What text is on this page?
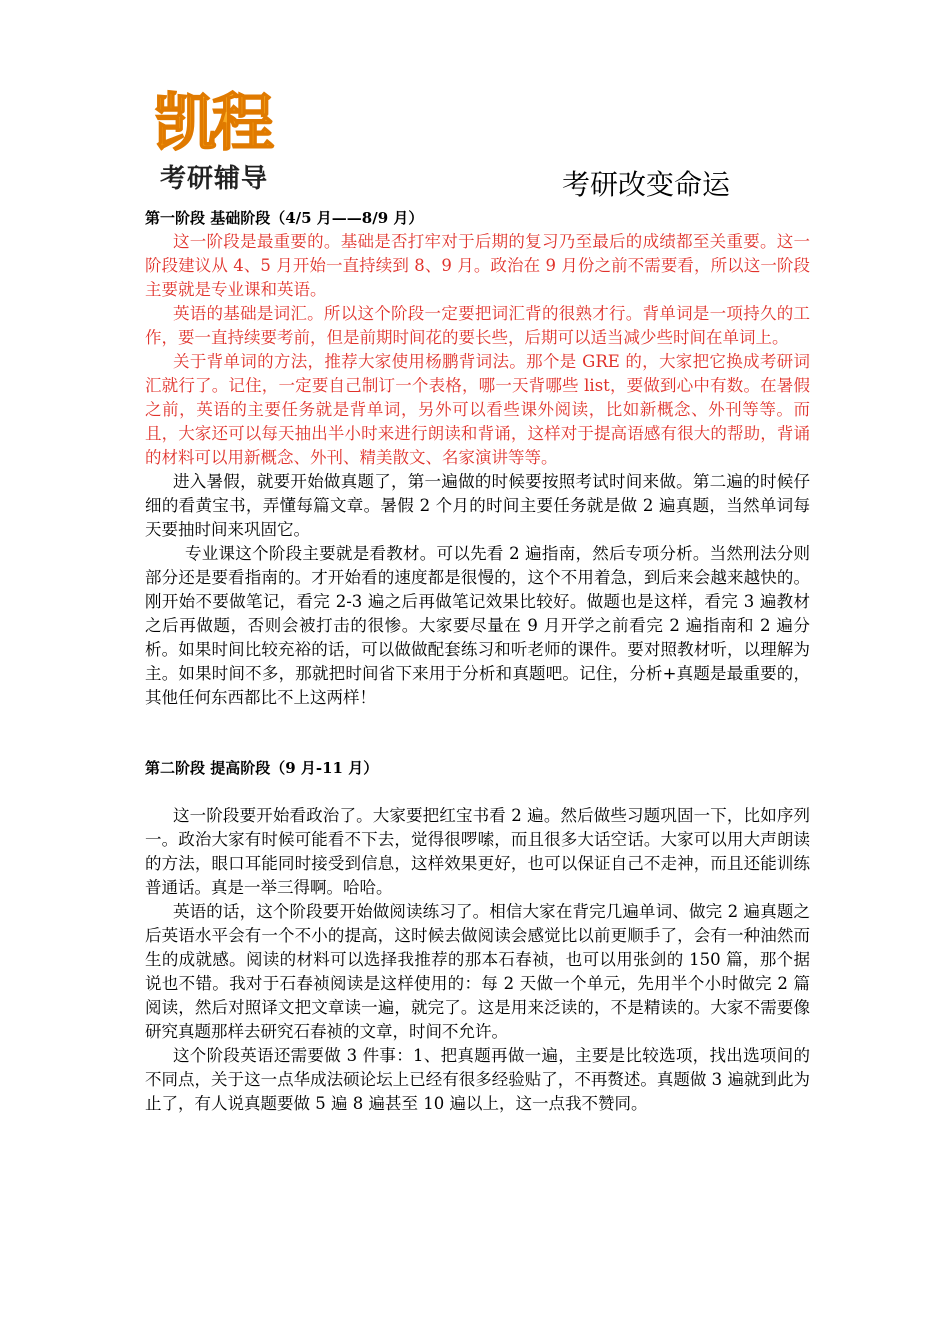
凯程
考研辅导	考研改变命运

第一阶段 基础阶段（4/5 月——8/9 月）

这一阶段是最重要的。基础是否打牢对于后期的复习乃至最后的成绩都至关重要。这一阶段建议从 4、5 月开始一直持续到 8、9 月。政治在 9 月份之前不需要看，所以这一阶段主要就是专业课和英语。

英语的基础是词汇。所以这个阶段一定要把词汇背的很熟才行。背单词是一项持久的工作，要一直持续要考前，但是前期时间花的要长些，后期可以适当减少些时间在单词上。

关于背单词的方法，推荐大家使用杨鹏背词法。那个是 GRE 的，大家把它换成考研词汇就行了。记住，一定要自己制订一个表格，哪一天背哪些 list，要做到心中有数。在暑假之前，英语的主要任务就是背单词，另外可以看些课外阅读，比如新概念、外刊等等。而且，大家还可以每天抽出半小时来进行朗读和背诵，这样对于提高语感有很大的帮助，背诵的材料可以用新概念、外刊、精美散文、名家演讲等等。

进入暑假，就要开始做真题了，第一遍做的时候要按照考试时间来做。第二遍的时候仔细的看黄宝书，弄懂每篇文章。暑假 2 个月的时间主要任务就是做 2 遍真题，当然单词每天要抽时间来巩固它。

专业课这个阶段主要就是看教材。可以先看 2 遍指南，然后专项分析。当然刑法分则部分还是要看指南的。才开始看的速度都是很慢的，这个不用着急，到后来会越来越快的。刚开始不要做笔记，看完 2-3 遍之后再做笔记效果比较好。做题也是这样，看完 3 遍教材之后再做题，否则会被打击的很惨。大家要尽量在 9 月开学之前看完 2 遍指南和 2 遍分析。如果时间比较充裕的话，可以做做配套练习和听老师的课件。要对照教材听，以理解为主。如果时间不多，那就把时间省下来用于分析和真题吧。记住，分析+真题是最重要的，其他任何东西都比不上这两样！

第二阶段 提高阶段（9 月-11 月）

这一阶段要开始看政治了。大家要把红宝书看 2 遍。然后做些习题巩固一下，比如序列一。政治大家有时候可能看不下去，觉得很啰嗦，而且很多大话空话。大家可以用大声朗读的方法，眼口耳能同时接受到信息，这样效果更好，也可以保证自己不走神，而且还能训练普通话。真是一举三得啊。哈哈。

英语的话，这个阶段要开始做阅读练习了。相信大家在背完几遍单词、做完 2 遍真题之后英语水平会有一个不小的提高，这时候去做阅读会感觉比以前更顺手了，会有一种油然而生的成就感。阅读的材料可以选择我推荐的那本石春祯，也可以用张剑的 150 篇，那个据说也不错。我对于石春祯阅读是这样使用的：每 2 天做一个单元，先用半个小时做完 2 篇阅读，然后对照译文把文章读一遍，就完了。这是用来泛读的，不是精读的。大家不需要像研究真题那样去研究石春祯的文章，时间不允许。

这个阶段英语还需要做 3 件事：1、把真题再做一遍，主要是比较选项，找出选项间的不同点，关于这一点华成法硕论坛上已经有很多经验贴了，不再赘述。真题做 3 遍就到此为止了，有人说真题要做 5 遍 8 遍甚至 10 遍以上，这一点我不赞同。
